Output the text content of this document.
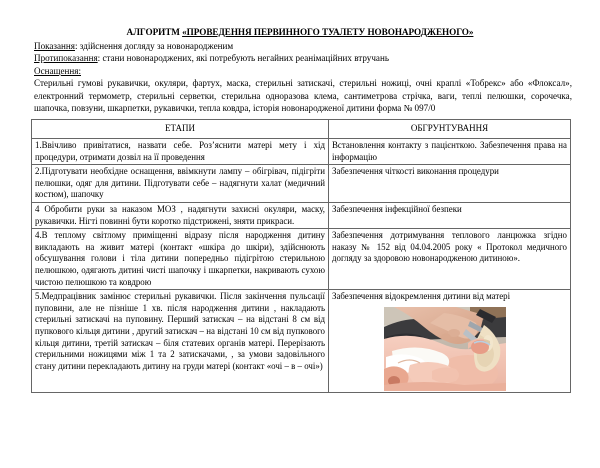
АЛГОРИТМ «ПРОВЕДЕННЯ ПЕРВИННОГО ТУАЛЕТУ НОВОНАРОДЖЕНОГО»
Показання: здійснення догляду за новонародженим
Протипоказання: стани новонароджених, які потребують негайних реанімаційних втручань
Оснащення:
Стерильні гумові рукавички, окуляри, фартух, маска, стерильні затискачі, стерильні ножиці, очні краплі «Тобрекс» або «Флоксал», електронний термометр, стерильні серветки, стерильна одноразова клема, сантиметрова стрічка, ваги, теплі пелюшки, сорочечка, шапочка, повзуни, шкарпетки, рукавички, тепла ковдра, історія новонародженої дитини форма № 097/0
ЕТАПИ	ОБГРУНТУВАННЯ
1.Ввічливо привітатися, назвати себе. Роз’яснити матері мету і хід процедури, отримати дозвіл на її проведення	Встановлення контакту з пацієнткою. Забезпечення права на інформацію
2.Підготувати необхідне оснащення, ввімкнути лампу – обігрівач, підігріти пелюшки, одяг для дитини. Підготувати себе – надягнути халат (медичний костюм), шапочку	Забезпечення чіткості виконання процедури
4 Обробити руки за наказом МОЗ , надягнути захисні окуляри, маску, рукавички. Нігті повинні бути коротко підстрижені, зняти прикраси.	Забезпечення інфекційної безпеки
4.В теплому світлому приміщенні відразу після народження дитину викладають на живит матері (контакт «шкіра до шкіри), здійснюють обсушування голови і тіла дитини попередньо підігрітою стерильною пелюшкою, одягають дитині чисті шапочку і шкарпетки, накривають сухою чистою пелюшкою та ковдрою	Забезпечення дотримування теплового ланцюжка згідно наказу № 152 від 04.04.2005 року « Протокол медичного догляду за здоровою новонародженою дитиною».
5.Медпрацівник замінює стерильні рукавички. Після закінчення пульсації пуповини, але не пізніше 1 хв. після народження дитини , накладають стерильні затискачі на пуповину. Перший затискач – на відстані 8 см від пупкового кільця дитини , другий затискач – на відстані 10 см від пупкового кільця дитини, третій затискач – біля статевих органів матері. Перерізають стерильними ножицями між 1 та 2 затискачами, , за умови задовільного стану дитини перекладають дитину на груди матері (контакт «очі – в – очі»)	Забезпечення відокремлення дитини від матері
